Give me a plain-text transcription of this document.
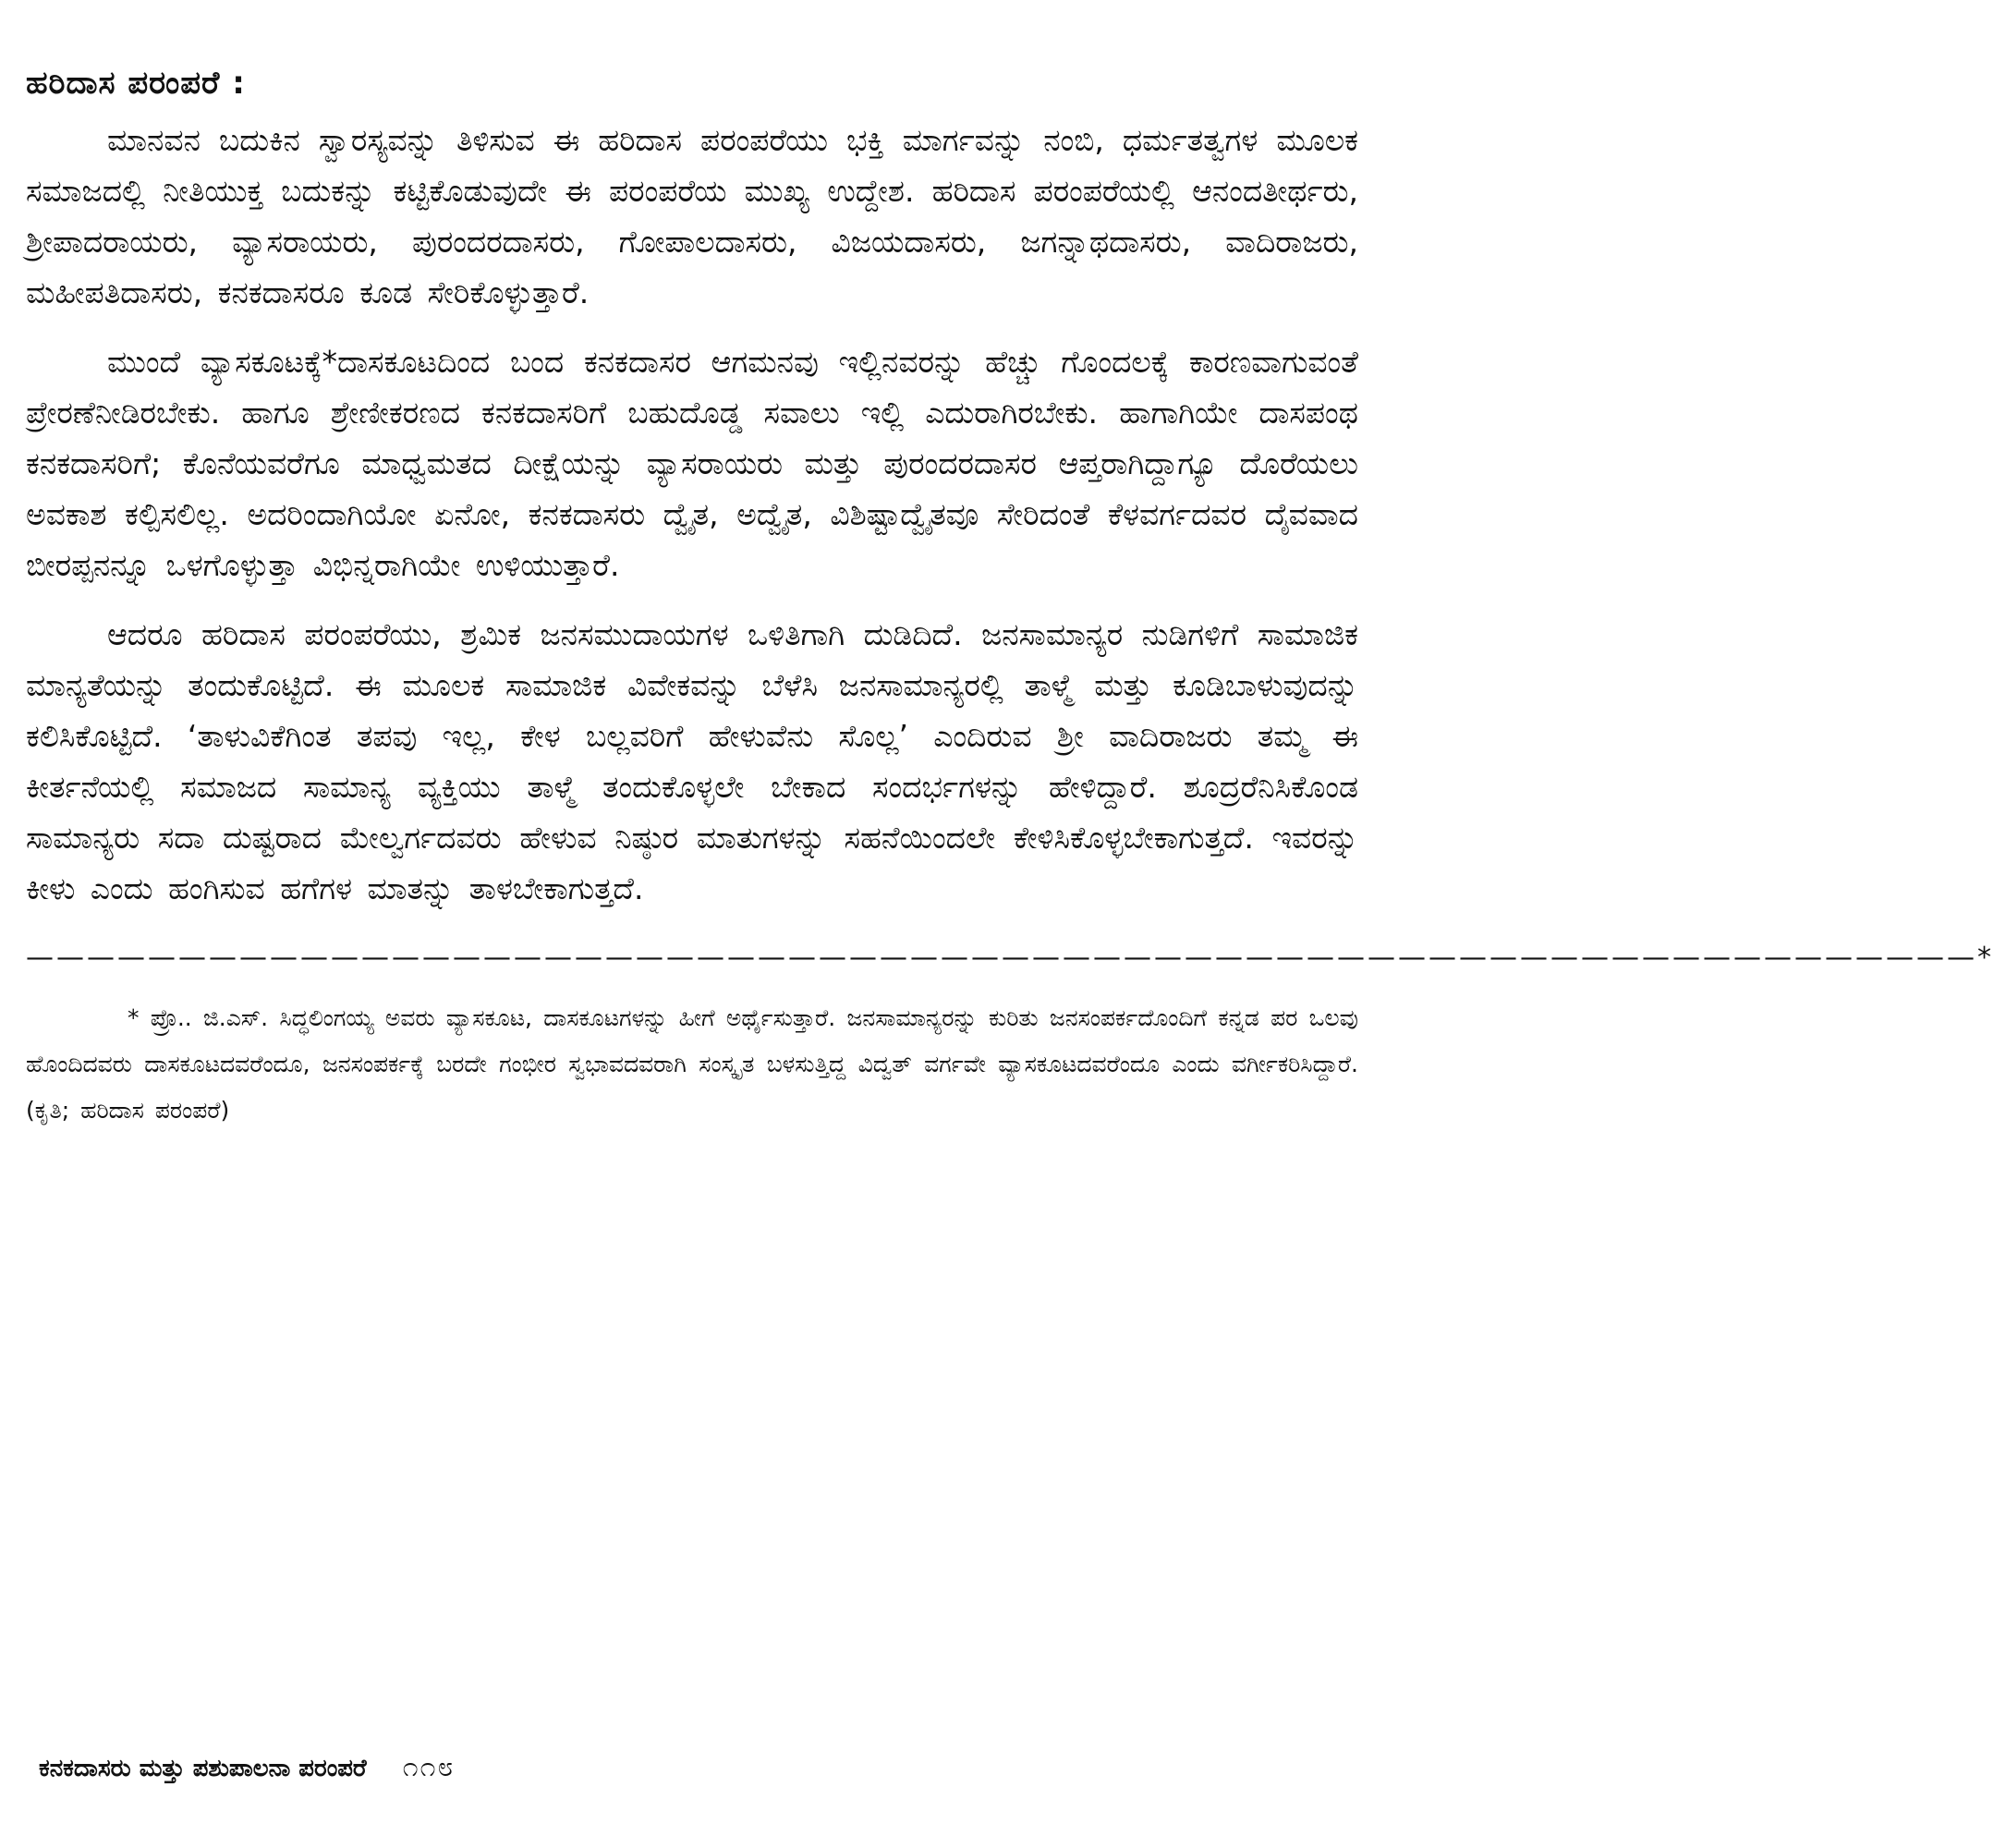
ಹರಿದಾಸ ಪರಂಪರೆ :

ಮಾನವನ ಬದುಕಿನ ಸ್ವಾರಸ್ಯವನ್ನು ತಿಳಿಸುವ ಈ ಹರಿದಾಸ ಪರಂಪರೆಯು ಭಕ್ತಿ ಮಾರ್ಗವನ್ನು ನಂಬಿ, ಧರ್ಮತತ್ವಗಳ ಮೂಲಕ ಸಮಾಜದಲ್ಲಿ ನೀತಿಯುಕ್ತ ಬದುಕನ್ನು ಕಟ್ಟಿಕೊಡುವುದೇ ಈ ಪರಂಪರೆಯ ಮುಖ್ಯ ಉದ್ದೇಶ. ಹರಿದಾಸ ಪರಂಪರೆಯಲ್ಲಿ ಆನಂದತೀರ್ಥರು, ಶ್ರೀಪಾದರಾಯರು, ವ್ಯಾಸರಾಯರು, ಪುರಂದರದಾಸರು, ಗೋಪಾಲದಾಸರು, ವಿಜಯದಾಸರು, ಜಗನ್ನಾಥದಾಸರು, ವಾದಿರಾಜರು, ಮಹೀಪತಿದಾಸರು, ಕನಕದಾಸರೂ ಕೂಡ ಸೇರಿಕೊಳ್ಳುತ್ತಾರೆ.

ಮುಂದೆ ವ್ಯಾಸಕೂಟಕ್ಕೆ*ದಾಸಕೂಟದಿಂದ ಬಂದ ಕನಕದಾಸರ ಆಗಮನವು ಇಲ್ಲಿನವರನ್ನು ಹೆಚ್ಚು ಗೊಂದಲಕ್ಕೆ ಕಾರಣವಾಗುವಂತೆ ಪ್ರೇರಣೆನೀಡಿರಬೇಕು. ಹಾಗೂ ಶ್ರೇಣೀಕರಣದ ಕನಕದಾಸರಿಗೆ ಬಹುದೊಡ್ಡ ಸವಾಲು ಇಲ್ಲಿ ಎದುರಾಗಿರಬೇಕು. ಹಾಗಾಗಿಯೇ ದಾಸಪಂಥ ಕನಕದಾಸರಿಗೆ; ಕೊನೆಯವರೆಗೂ ಮಾಧ್ವಮತದ ದೀಕ್ಷೆಯನ್ನು ವ್ಯಾಸರಾಯರು ಮತ್ತು ಪುರಂದರದಾಸರ ಆಪ್ತರಾಗಿದ್ದಾಗ್ಯೂ ದೊರೆಯಲು ಅವಕಾಶ ಕಲ್ಪಿಸಲಿಲ್ಲ. ಅದರಿಂದಾಗಿಯೋ ಏನೋ, ಕನಕದಾಸರು ದ್ವೈತ, ಅದ್ವೈತ, ವಿಶಿಷ್ಟಾದ್ವೈತವೂ ಸೇರಿದಂತೆ ಕೆಳವರ್ಗದವರ ದೈವವಾದ ಬೀರಪ್ಪನನ್ನೂ ಒಳಗೊಳ್ಳುತ್ತಾ ವಿಭಿನ್ನರಾಗಿಯೇ ಉಳಿಯುತ್ತಾರೆ.

ಆದರೂ ಹರಿದಾಸ ಪರಂಪರೆಯು, ಶ್ರಮಿಕ ಜನಸಮುದಾಯಗಳ ಒಳಿತಿಗಾಗಿ ದುಡಿದಿದೆ. ಜನಸಾಮಾನ್ಯರ ನುಡಿಗಳಿಗೆ ಸಾಮಾಜಿಕ ಮಾನ್ಯತೆಯನ್ನು ತಂದುಕೊಟ್ಟಿದೆ. ಈ ಮೂಲಕ ಸಾಮಾಜಿಕ ವಿವೇಕವನ್ನು ಬೆಳೆಸಿ ಜನಸಾಮಾನ್ಯರಲ್ಲಿ ತಾಳ್ಮೆ ಮತ್ತು ಕೂಡಿಬಾಳುವುದನ್ನು ಕಲಿಸಿಕೊಟ್ಟಿದೆ. ‘ತಾಳುವಿಕೆಗಿಂತ ತಪವು ಇಲ್ಲ, ಕೇಳ ಬಲ್ಲವರಿಗೆ ಹೇಳುವೆನು ಸೊಲ್ಲ’ ಎಂದಿರುವ ಶ್ರೀ ವಾದಿರಾಜರು ತಮ್ಮ ಈ ಕೀರ್ತನೆಯಲ್ಲಿ ಸಮಾಜದ ಸಾಮಾನ್ಯ ವ್ಯಕ್ತಿಯು ತಾಳ್ಮೆ ತಂದುಕೊಳ್ಳಲೇ ಬೇಕಾದ ಸಂದರ್ಭಗಳನ್ನು ಹೇಳಿದ್ದಾರೆ. ಶೂದ್ರರೆನಿಸಿಕೊಂಡ ಸಾಮಾನ್ಯರು ಸದಾ ದುಷ್ಟರಾದ ಮೇಲ್ವರ್ಗದವರು ಹೇಳುವ ನಿಷ್ಠುರ ಮಾತುಗಳನ್ನು ಸಹನೆಯಿಂದಲೇ ಕೇಳಿಸಿಕೊಳ್ಳಬೇಕಾಗುತ್ತದೆ. ಇವರನ್ನು ಕೀಳು ಎಂದು ಹಂಗಿಸುವ ಹಗೆಗಳ ಮಾತನ್ನು ತಾಳಬೇಕಾಗುತ್ತದೆ.

————————————————————————————————————————————————————————————————*

* ಪ್ರೊ.. ಜಿ.ಎಸ್. ಸಿದ್ಧಲಿಂಗಯ್ಯ ಅವರು ವ್ಯಾಸಕೂಟ, ದಾಸಕೂಟಗಳನ್ನು ಹೀಗೆ ಅರ್ಥೈಸುತ್ತಾರೆ. ಜನಸಾಮಾನ್ಯರನ್ನು ಕುರಿತು ಜನಸಂಪರ್ಕದೊಂದಿಗೆ ಕನ್ನಡ ಪರ ಒಲವು ಹೊಂದಿದವರು ದಾಸಕೂಟದವರೆಂದೂ, ಜನಸಂಪರ್ಕಕ್ಕೆ ಬರದೇ ಗಂಭೀರ ಸ್ವಭಾವದವರಾಗಿ ಸಂಸ್ಕೃತ ಬಳಸುತ್ತಿದ್ದ ವಿದ್ವತ್ ವರ್ಗವೇ ವ್ಯಾಸಕೂಟದವರೆಂದೂ ಎಂದು ವರ್ಗೀಕರಿಸಿದ್ದಾರೆ. (ಕೃತಿ; ಹರಿದಾಸ ಪರಂಪರೆ)

ಕನಕದಾಸರು ಮತ್ತು ಪಶುಪಾಲನಾ ಪರಂಪರೆ ೧೧೮
